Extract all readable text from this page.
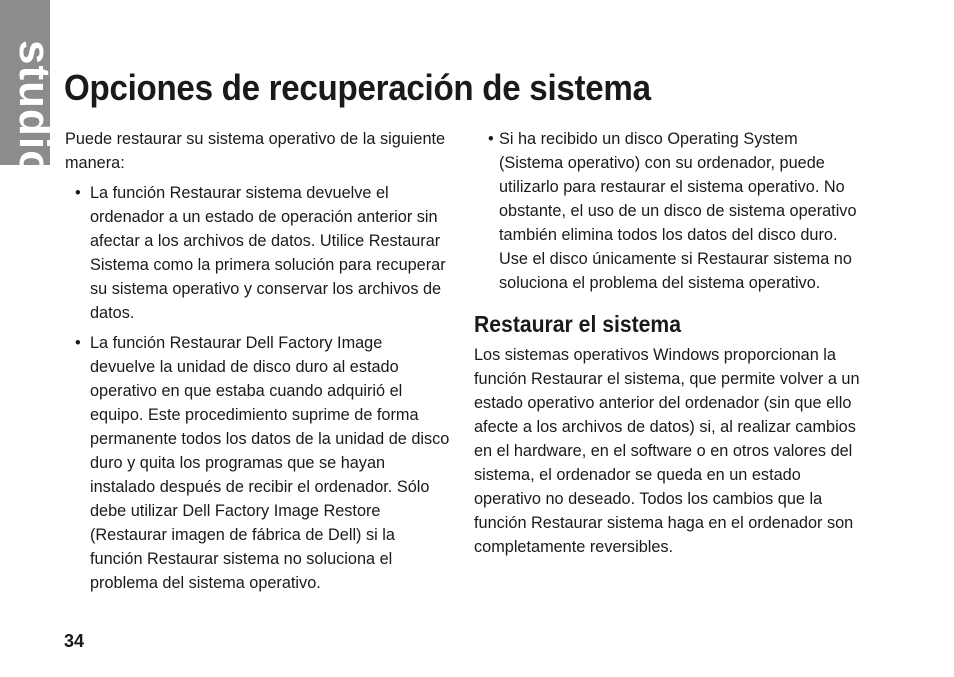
studio Opciones de recuperación de sistema

Puede restaurar su sistema operativo de la siguiente manera:

• La función Restaurar sistema devuelve el ordenador a un estado de operación anterior sin afectar a los archivos de datos. Utilice Restaurar Sistema como la primera solución para recuperar su sistema operativo y conservar los archivos de datos.
• La función Restaurar Dell Factory Image devuelve la unidad de disco duro al estado operativo en que estaba cuando adquirió el equipo. Este procedimiento suprime de forma permanente todos los datos de la unidad de disco duro y quita los programas que se hayan instalado después de recibir el ordenador. Sólo debe utilizar Dell Factory Image Restore (Restaurar imagen de fábrica de Dell) si la función Restaurar sistema no soluciona el problema del sistema operativo.
• Si ha recibido un disco Operating System (Sistema operativo) con su ordenador, puede utilizarlo para restaurar el sistema operativo. No obstante, el uso de un disco de sistema operativo también elimina todos los datos del disco duro. Use el disco únicamente si Restaurar sistema no soluciona el problema del sistema operativo.
Restaurar el sistema

Los sistemas operativos Windows proporcionan la función Restaurar el sistema, que permite volver a un estado operativo anterior del ordenador (sin que ello afecte a los archivos de datos) si, al realizar cambios en el hardware, en el software o en otros valores del sistema, el ordenador se queda en un estado operativo no deseado. Todos los cambios que la función Restaurar sistema haga en el ordenador son completamente reversibles.

34
